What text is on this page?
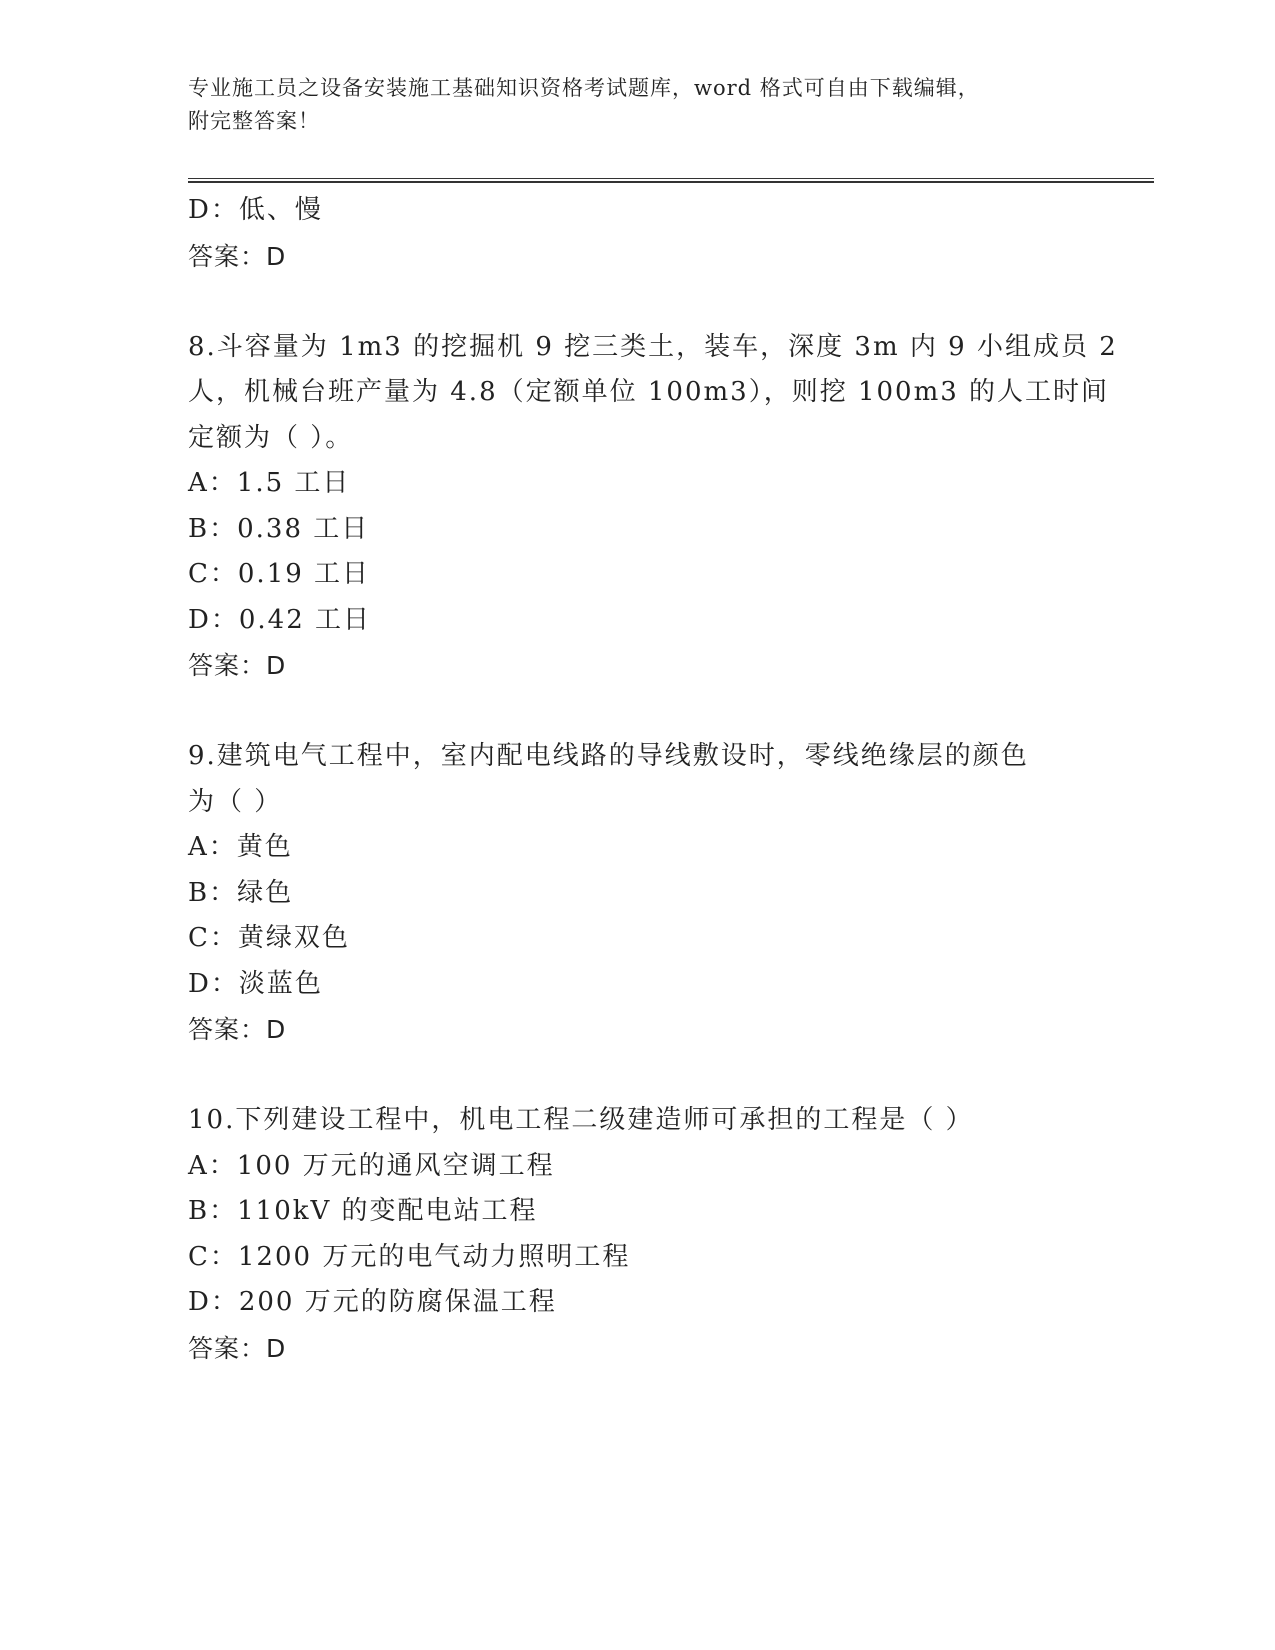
专业施工员之设备安装施工基础知识资格考试题库，word 格式可自由下载编辑，
附完整答案！
D：低、慢
答案：D
8.斗容量为 1m3 的挖掘机 9 挖三类土，装车，深度 3m 内 9 小组成员 2
人，机械台班产量为 4.8（定额单位 100m3），则挖 100m3 的人工时间
定额为（ ）。
A：1.5 工日
B：0.38 工日
C：0.19 工日
D：0.42 工日
答案：D
9.建筑电气工程中，室内配电线路的导线敷设时，零线绝缘层的颜色
为（ ）
A：黄色
B：绿色
C：黄绿双色
D：淡蓝色
答案：D
10.下列建设工程中，机电工程二级建造师可承担的工程是（ ）
A：100 万元的通风空调工程
B：110kV 的变配电站工程
C：1200 万元的电气动力照明工程
D：200 万元的防腐保温工程
答案：D
